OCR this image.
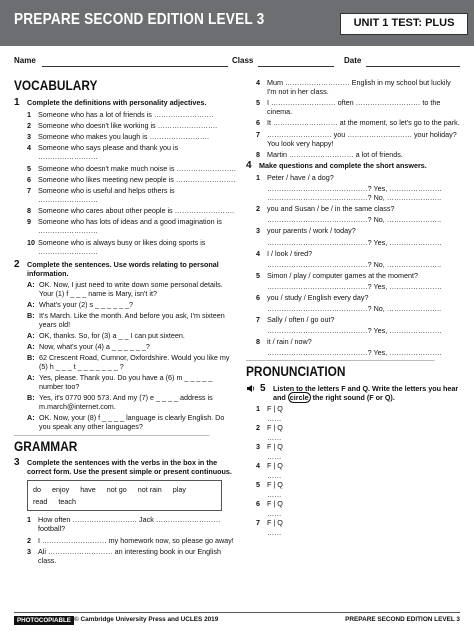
PREPARE SECOND EDITION LEVEL 3	UNIT 1 TEST: PLUS
Name	Class	Date
VOCABULARY
1	Complete the definitions with personality adjectives.
1 Someone who has a lot of friends is …………………….
2 Someone who doesn't like working is …………………….
3 Someone who makes you laugh is …………………….
4 Someone who says please and thank you is …………………….
5 Someone who doesn't make much noise is …………………….
6 Someone who likes meeting new people is …………………….
7 Someone who is useful and helps others is …………………….
8 Someone who cares about other people is …………………….
9 Someone who has lots of ideas and a good imagination is …………………….
10 Someone who is always busy or likes doing sports is …………………….
2	Complete the sentences. Use words relating to personal information.
A: OK. Now, I just need to write down some personal details. Your (1) f _ _ _ name is Mary, isn't it?
A: What's your (2) s _ _ _ _ _ _?
B: It's March. Like the month. And before you ask, I'm sixteen years old!
A: OK, thanks. So, for (3) a _ _ I can put sixteen.
A: Now, what's your (4) a _ _ _ _ _ _?
B: 62 Crescent Road, Cumnor, Oxfordshire. Would you like my (5) h _ _ _ t _ _ _ _ _ _ _ ?
A: Yes, please. Thank you. Do you have a (6) m _ _ _ _ _ number too?
B: Yes, it's 0770 900 573. And my (7) e _ _ _ _ address is m.march@internet.com.
A: OK. Now, your (8) f _ _ _ _ language is clearly English. Do you speak any other languages?
GRAMMAR
3	Complete the sentences with the verbs in the box in the correct form. Use the present simple or present continuous.
do enjoy have not go not rain play read teach
1 How often ……………………… Jack ……………………… football?
2 I ……………………… my homework now, so please go away!
3 Ali ……………………… an interesting book in our English class.
4 Mum ……………………… English in my school but luckily I'm not in her class.
5 I ……………………… often ……………………… to the cinema.
6 It ……………………… at the moment, so let's go to the park.
7 ……………………… you ……………………… your holiday? You look very happy!
8 Martin ……………………… a lot of friends.
4	Make questions and complete the short answers.
1 Peter / have / a dog?
……………………………………? Yes, ………………….
……………………………………? No, …………………..
2 you and Susan / be / in the same class?
……………………………………? No, …………………..
3 your parents / work / today?
……………………………………? Yes, ………………….
4 I / look / tired?
……………………………………? No, …………………..
5 Simon / play / computer games at the moment?
……………………………………? Yes, ………………….
6 you / study / English every day?
……………………………………? No, …………………..
7 Sally / often / go out?
……………………………………? Yes, ………………….
8 it / rain / now?
……………………………………? Yes, ………………….
PRONUNCIATION
5	Listen to the letters F and Q. Write the letters you hear and circle the right sound (F or Q).
1 F | Q
……
2 F | Q
……
3 F | Q
……
4 F | Q
……
5 F | Q
……
6 F | Q
……
7 F | Q
……
PHOTOCOPIABLE © Cambridge University Press and UCLES 2019	PREPARE SECOND EDITION LEVEL 3
